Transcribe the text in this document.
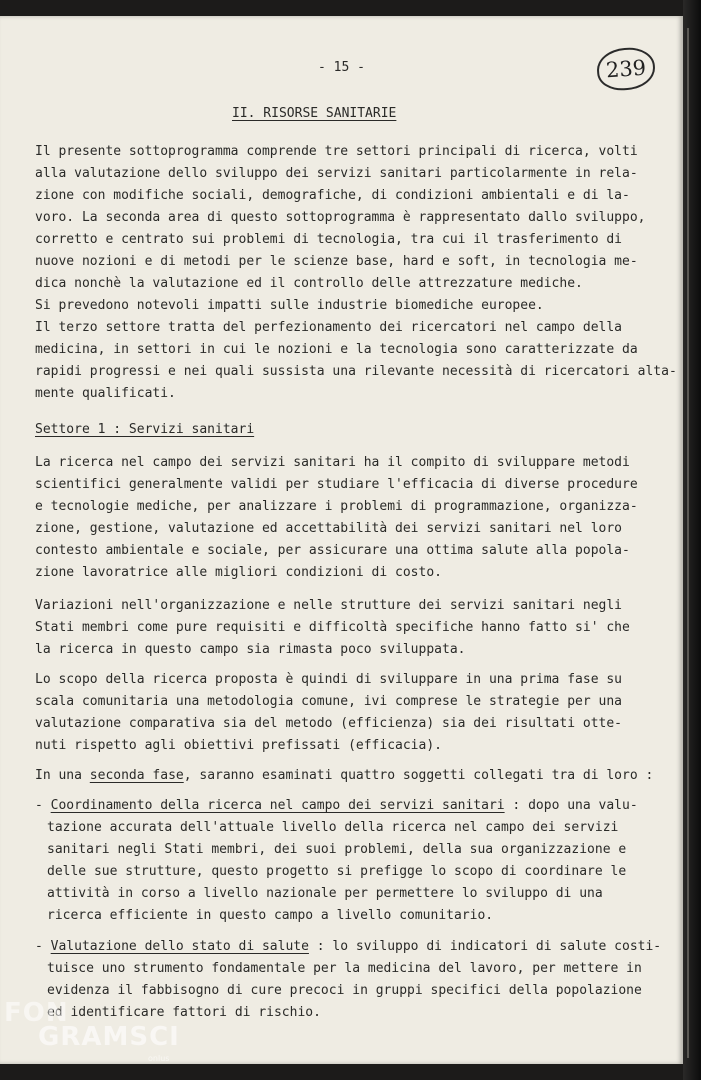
- 15 -	239
II. RISORSE SANITARIE
Il presente sottoprogramma comprende tre settori principali di ricerca, volti
alla valutazione dello sviluppo dei servizi sanitari particolarmente in rela-
zione con modifiche sociali, demografiche, di condizioni ambientali e di la-
voro. La seconda area di questo sottoprogramma è rappresentato dallo sviluppo,
corretto e centrato sui problemi di tecnologia, tra cui il trasferimento di
nuove nozioni e di metodi per le scienze base, hard e soft, in tecnologia me-
dica nonchè la valutazione ed il controllo delle attrezzature mediche.
Si prevedono notevoli impatti sulle industrie biomediche europee.
Il terzo settore tratta del perfezionamento dei ricercatori nel campo della
medicina, in settori in cui le nozioni e la tecnologia sono caratterizzate da
rapidi progressi e nei quali sussista una rilevante necessità di ricercatori alta-
mente qualificati.
Settore 1 : Servizi sanitari
La ricerca nel campo dei servizi sanitari ha il compito di sviluppare metodi
scientifici generalmente validi per studiare l'efficacia di diverse procedure
e tecnologie mediche, per analizzare i problemi di programmazione, organizza-
zione, gestione, valutazione ed accettabilità dei servizi sanitari nel loro
contesto ambientale e sociale, per assicurare una ottima salute alla popola-
zione lavoratrice alle migliori condizioni di costo.
Variazioni nell'organizzazione e nelle strutture dei servizi sanitari negli
Stati membri come pure requisiti e difficoltà specifiche hanno fatto si' che
la ricerca in questo campo sia rimasta poco sviluppata.
Lo scopo della ricerca proposta è quindi di sviluppare in una prima fase su
scala comunitaria una metodologia comune, ivi comprese le strategie per una
valutazione comparativa sia del metodo (efficienza) sia dei risultati otte-
nuti rispetto agli obiettivi prefissati (efficacia).
In una seconda fase, saranno esaminati quattro soggetti collegati tra di loro :
- Coordinamento della ricerca nel campo dei servizi sanitari : dopo una valu-
tazione accurata dell'attuale livello della ricerca nel campo dei servizi
sanitari negli Stati membri, dei suoi problemi, della sua organizzazione e
delle sue strutture, questo progetto si prefigge lo scopo di coordinare le
attività in corso a livello nazionale per permettere lo sviluppo di una
ricerca efficiente in questo campo a livello comunitario.
- Valutazione dello stato di salute : lo sviluppo di indicatori di salute costi-
tuisce uno strumento fondamentale per la medicina del lavoro, per mettere in
evidenza il fabbisogno di cure precoci in gruppi specifici della popolazione
ed identificare fattori di rischio.
FON
GRAMSCI
onlus
